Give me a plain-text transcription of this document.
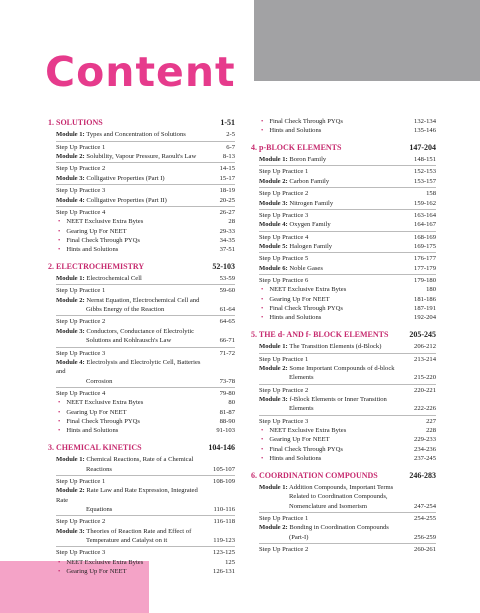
Content
1. SOLUTIONS	1-51
Module 1: Types and Concentration of Solutions	2-5
Step Up Practice 1	6-7
Module 2: Solubility, Vapour Pressure, Raoult's Law	8-13
Step Up Practice 2	14-15
Module 3: Colligative Properties (Part I)	15-17
Step Up Practice 3	18-19
Module 4: Colligative Properties (Part II)	20-25
Step Up Practice 4	26-27
• NEET Exclusive Extra Bytes	28
• Gearing Up For NEET	29-33
• Final Check Through PYQs	34-35
• Hints and Solutions	37-51
2. ELECTROCHEMISTRY	52-103
Module 1: Electrochemical Cell	53-59
Step Up Practice 1	59-60
Module 2: Nernst Equation, Electrochemical Cell and
Gibbs Energy of the Reaction	61-64
Step Up Practice 2	64-65
Module 3: Conductors, Conductance of Electrolytic
Solutions and Kohlrausch's Law	66-71
Step Up Practice 3	71-72
Module 4: Electrolysis and Electrolytic Cell, Batteries and
Corrosion	73-78
Step Up Practice 4	79-80
• NEET Exclusive Extra Bytes	80
• Gearing Up For NEET	81-87
• Final Check Through PYQs	88-90
• Hints and Solutions	91-103
3. CHEMICAL KINETICS	104-146
Module 1: Chemical Reactions, Rate of a Chemical
Reactions	105-107
Step Up Practice 1	108-109
Module 2: Rate Law and Rate Expression, Integrated Rate
Equations	110-116
Step Up Practice 2	116-118
Module 3: Theories of Reaction Rate and Effect of
Temperature and Catalyst on it	119-123
Step Up Practice 3	123-125
• NEET Exclusive Extra Bytes	125
• Gearing Up For NEET	126-131
• Final Check Through PYQs	132-134
• Hints and Solutions	135-146
4. p-BLOCK ELEMENTS	147-204
Module 1: Boron Family	148-151
Step Up Practice 1	152-153
Module 2: Carbon Family	153-157
Step Up Practice 2	158
Module 3: Nitrogen Family	159-162
Step Up Practice 3	163-164
Module 4: Oxygen Family	164-167
Step Up Practice 4	168-169
Module 5: Halogen Family	169-175
Step Up Practice 5	176-177
Module 6: Noble Gases	177-179
Step Up Practice 6	179-180
• NEET Exclusive Extra Bytes	180
• Gearing Up For NEET	181-186
• Final Check Through PYQs	187-191
• Hints and Solutions	192-204
5. THE d- AND f- BLOCK ELEMENTS	205-245
Module 1: The Transition Elements (d-Block)	206-212
Step Up Practice 1	213-214
Module 2: Some Important Compounds of d-block
Elements	215-220
Step Up Practice 2	220-221
Module 3: f-Block Elements or Inner Transition
Elements	222-226
Step Up Practice 3	227
• NEET Exclusive Extra Bytes	228
• Gearing Up For NEET	229-233
• Final Check Through PYQs	234-236
• Hints and Solutions	237-245
6. COORDINATION COMPOUNDS	246-283
Module 1: Addition Compounds, Important Terms
Related to Coordination Compounds,
Nomenclature and Isomerism	247-254
Step Up Practice 1	254-255
Module 2: Bonding in Coordination Compounds
(Part-I)	256-259
Step Up Practice 2	260-261
